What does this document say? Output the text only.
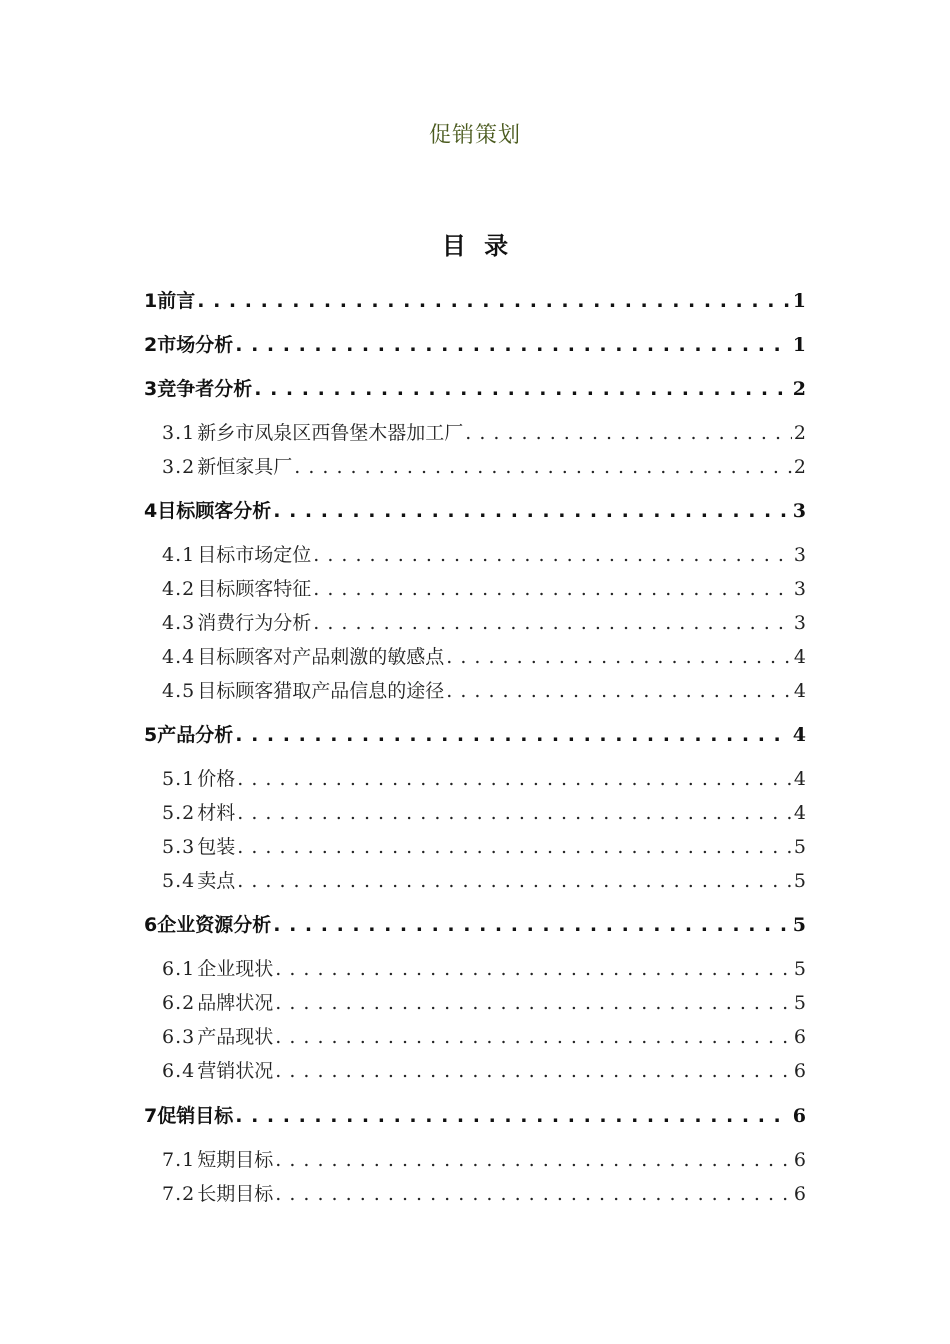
促销策划
目 录
1 前言 . . .	1
2 市场分析 . . .	1
3 竞争者分析 . . .	2
3.1 新乡市凤泉区西鲁堡木器加工厂 . . .	2
3.2 新恒家具厂 . . .	2
4 目标顾客分析 . . .	3
4.1 目标市场定位 . . .	3
4.2 目标顾客特征 . . .	3
4.3 消费行为分析 . . .	3
4.4 目标顾客对产品刺激的敏感点 . . .	4
4.5 目标顾客猎取产品信息的途径 . . .	4
5 产品分析 . . .	4
5.1 价格 . . .	4
5.2 材料 . . .	4
5.3 包装 . . .	5
5.4 卖点 . . .	5
6 企业资源分析 . . .	5
6.1 企业现状 . . .	5
6.2 品牌状况 . . .	5
6.3 产品现状 . . .	6
6.4 营销状况 . . .	6
7 促销目标 . . .	6
7.1 短期目标 . . .	6
7.2 长期目标 . . .	6
